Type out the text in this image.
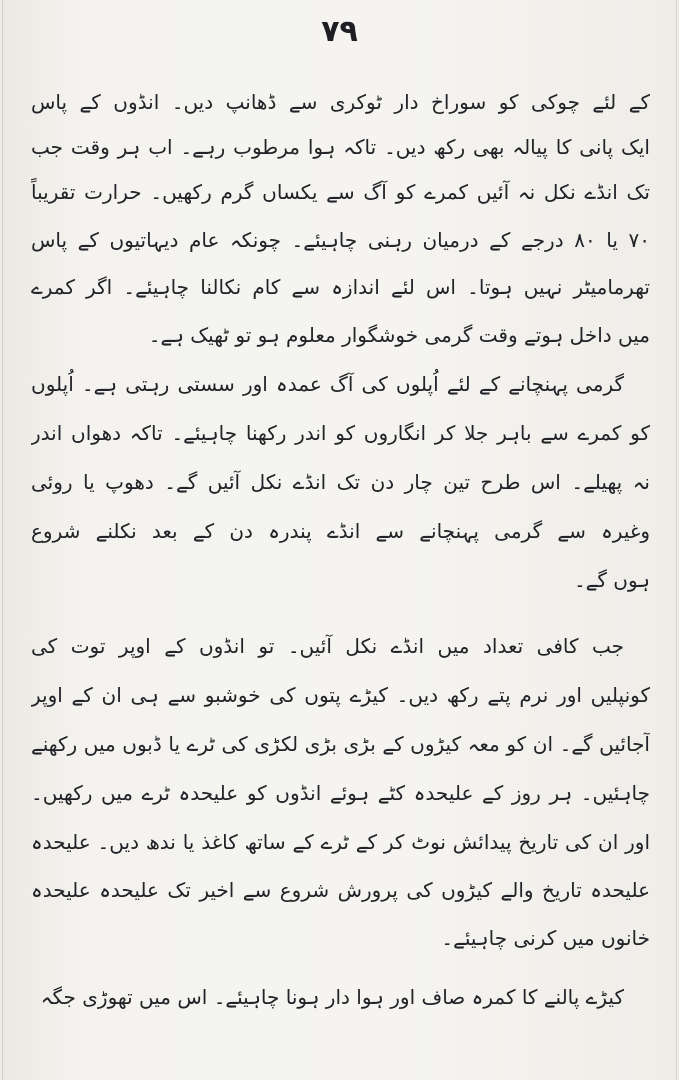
۷۹
کے لئے چوکی کو سوراخ دار ٹوکری سے ڈھانپ دیں۔ انڈوں کے پاس
ایک پانی کا پیالہ بھی رکھ دیں۔ تاکہ ہوا مرطوب رہے۔ اب ہر وقت جب
تک انڈے نکل نہ آئیں کمرے کو آگ سے یکساں گرم رکھیں۔ حرارت تقریباً
۷۰ یا ۸۰ درجے کے درمیان رہنی چاہیئے۔ چونکہ عام دیہاتیوں کے پاس
تھرمامیٹر نہیں ہوتا۔ اس لئے اندازہ سے کام نکالنا چاہیئے۔ اگر کمرے
میں داخل ہوتے وقت گرمی خوشگوار معلوم ہو تو ٹھیک ہے۔
گرمی پہنچانے کے لئے اُپلوں کی آگ عمدہ اور سستی رہتی ہے۔ اُپلوں
کو کمرے سے باہر جلا کر انگاروں کو اندر رکھنا چاہیئے۔ تاکہ دھواں اندر
نہ پھیلے۔ اس طرح تین چار دن تک انڈے نکل آئیں گے۔ دھوپ یا روئی
وغیرہ سے گرمی پہنچانے سے انڈے پندرہ دن کے بعد نکلنے شروع
ہوں گے۔
جب کافی تعداد میں انڈے نکل آئیں۔ تو انڈوں کے اوپر توت کی
کونپلیں اور نرم پتے رکھ دیں۔ کیڑے پتوں کی خوشبو سے ہی ان کے اوپر
آجائیں گے۔ ان کو معہ کیڑوں کے بڑی بڑی لکڑی کی ٹرے یا ڈبوں میں رکھنے
چاہئیں۔ ہر روز کے علیحدہ کٹے ہوئے انڈوں کو علیحدہ ٹرے میں رکھیں۔
اور ان کی تاریخ پیدائش نوٹ کر کے ٹرے کے ساتھ کاغذ یا ندھ دیں۔ علیحدہ
علیحدہ تاریخ والے کیڑوں کی پرورش شروع سے اخیر تک علیحدہ علیحدہ
خانوں میں کرنی چاہیئے۔
کیڑے پالنے کا کمرہ صاف اور ہوا دار ہونا چاہیئے۔ اس میں تھوڑی جگہ
